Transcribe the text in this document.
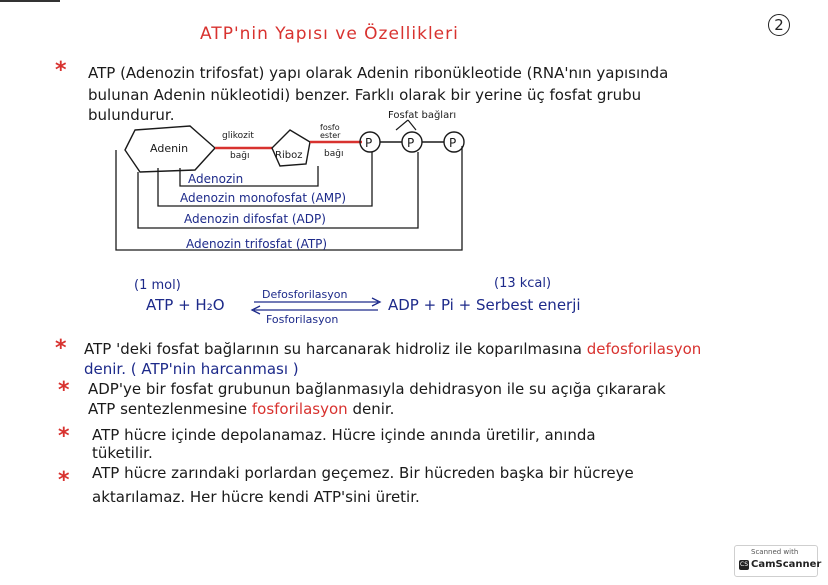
ATP'nin Yapısı ve Özellikleri	2
* ATP (Adenozin trifosfat) yapı olarak Adenin ribonükleotide (RNA'nın yapısında
bulunan Adenin nükleotidi) benzer. Farklı olarak bir yerine üç fosfat grubu
bulundurur.	Fosfat bağları
Adenin
glikozit
bağı	Riboz
fosfo
ester
bağı
P	P	P
Adenozin
Adenozin monofosfat (AMP)
Adenozin difosfat (ADP)
Adenozin trifosfat (ATP)
(1 mol)	(13 kcal)
ATP + H₂O
Defosforilasyon
ADP + Pi + Serbest enerji
Fosforilasyon
* ATP 'deki fosfat bağlarının su harcanarak hidroliz ile koparılmasına defosforilasyon
denir. ( ATP'nin harcanması )
* ADP'ye bir fosfat grubunun bağlanmasıyla dehidrasyon ile su açığa çıkararak
ATP sentezlenmesine fosforilasyon denir.
* ATP hücre içinde depolanamaz. Hücre içinde anında üretilir, anında
tüketilir.
* ATP hücre zarındaki porlardan geçemez. Bir hücreden başka bir hücreye
aktarılamaz. Her hücre kendi ATP'sini üretir.
Scanned with
CS CamScanner
